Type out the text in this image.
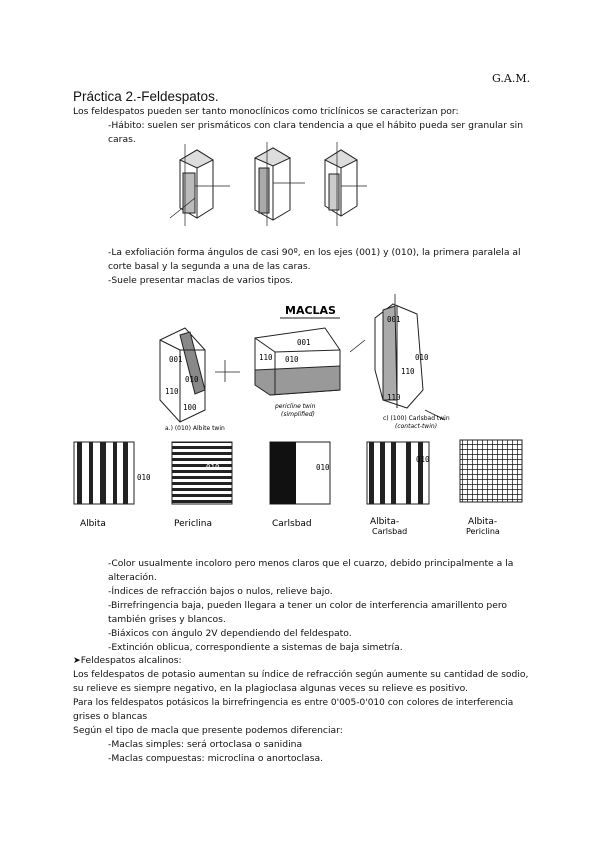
G.A.M.
Práctica 2.-Feldespatos.
Los feldespatos pueden ser tanto monoclínicos como triclínicos se caracterizan por:
-Hábito: suelen ser prismáticos con clara tendencia a que el hábito pueda ser granular sin
caras.
-La exfoliación forma ángulos de casi 90º, en los ejes (001) y (010), la primera paralela al
corte basal y la segunda a una de las caras.
-Suele presentar maclas de varios tipos.
MACLAS
001
010
110
100
001
110 010
001
010
110
110
a.) (010) Albite twin
pericline twin
(simplified)
c) (100) Carlsbad twin
(contact-twin)
010
Albita
010
Periclina
010
Carlsbad
010
Albita-
Carlsbad
Albita-
Periclina
-Color usualmente incoloro pero menos claros que el cuarzo, debido principalmente a la
alteración.
-Índices de refracción bajos o nulos, relieve bajo.
-Birrefringencia baja, pueden llegara a tener un color de interferencia amarillento pero
también grises y blancos.
-Biáxicos con ángulo 2V dependiendo del feldespato.
-Extinción oblicua, correspondiente a sistemas de baja simetría.
➤Feldespatos alcalinos:
Los feldespatos de potasio aumentan su índice de refracción según aumente su cantidad de sodio,
su relieve es siempre negativo, en la plagioclasa algunas veces su relieve es positivo.
Para los feldespatos potásicos la birrefringencia es entre 0'005-0'010 con colores de interferencia
grises o blancas
Según el tipo de macla que presente podemos diferenciar:
-Maclas simples: será ortoclasa o sanidina
-Maclas compuestas: microclina o anortoclasa.
